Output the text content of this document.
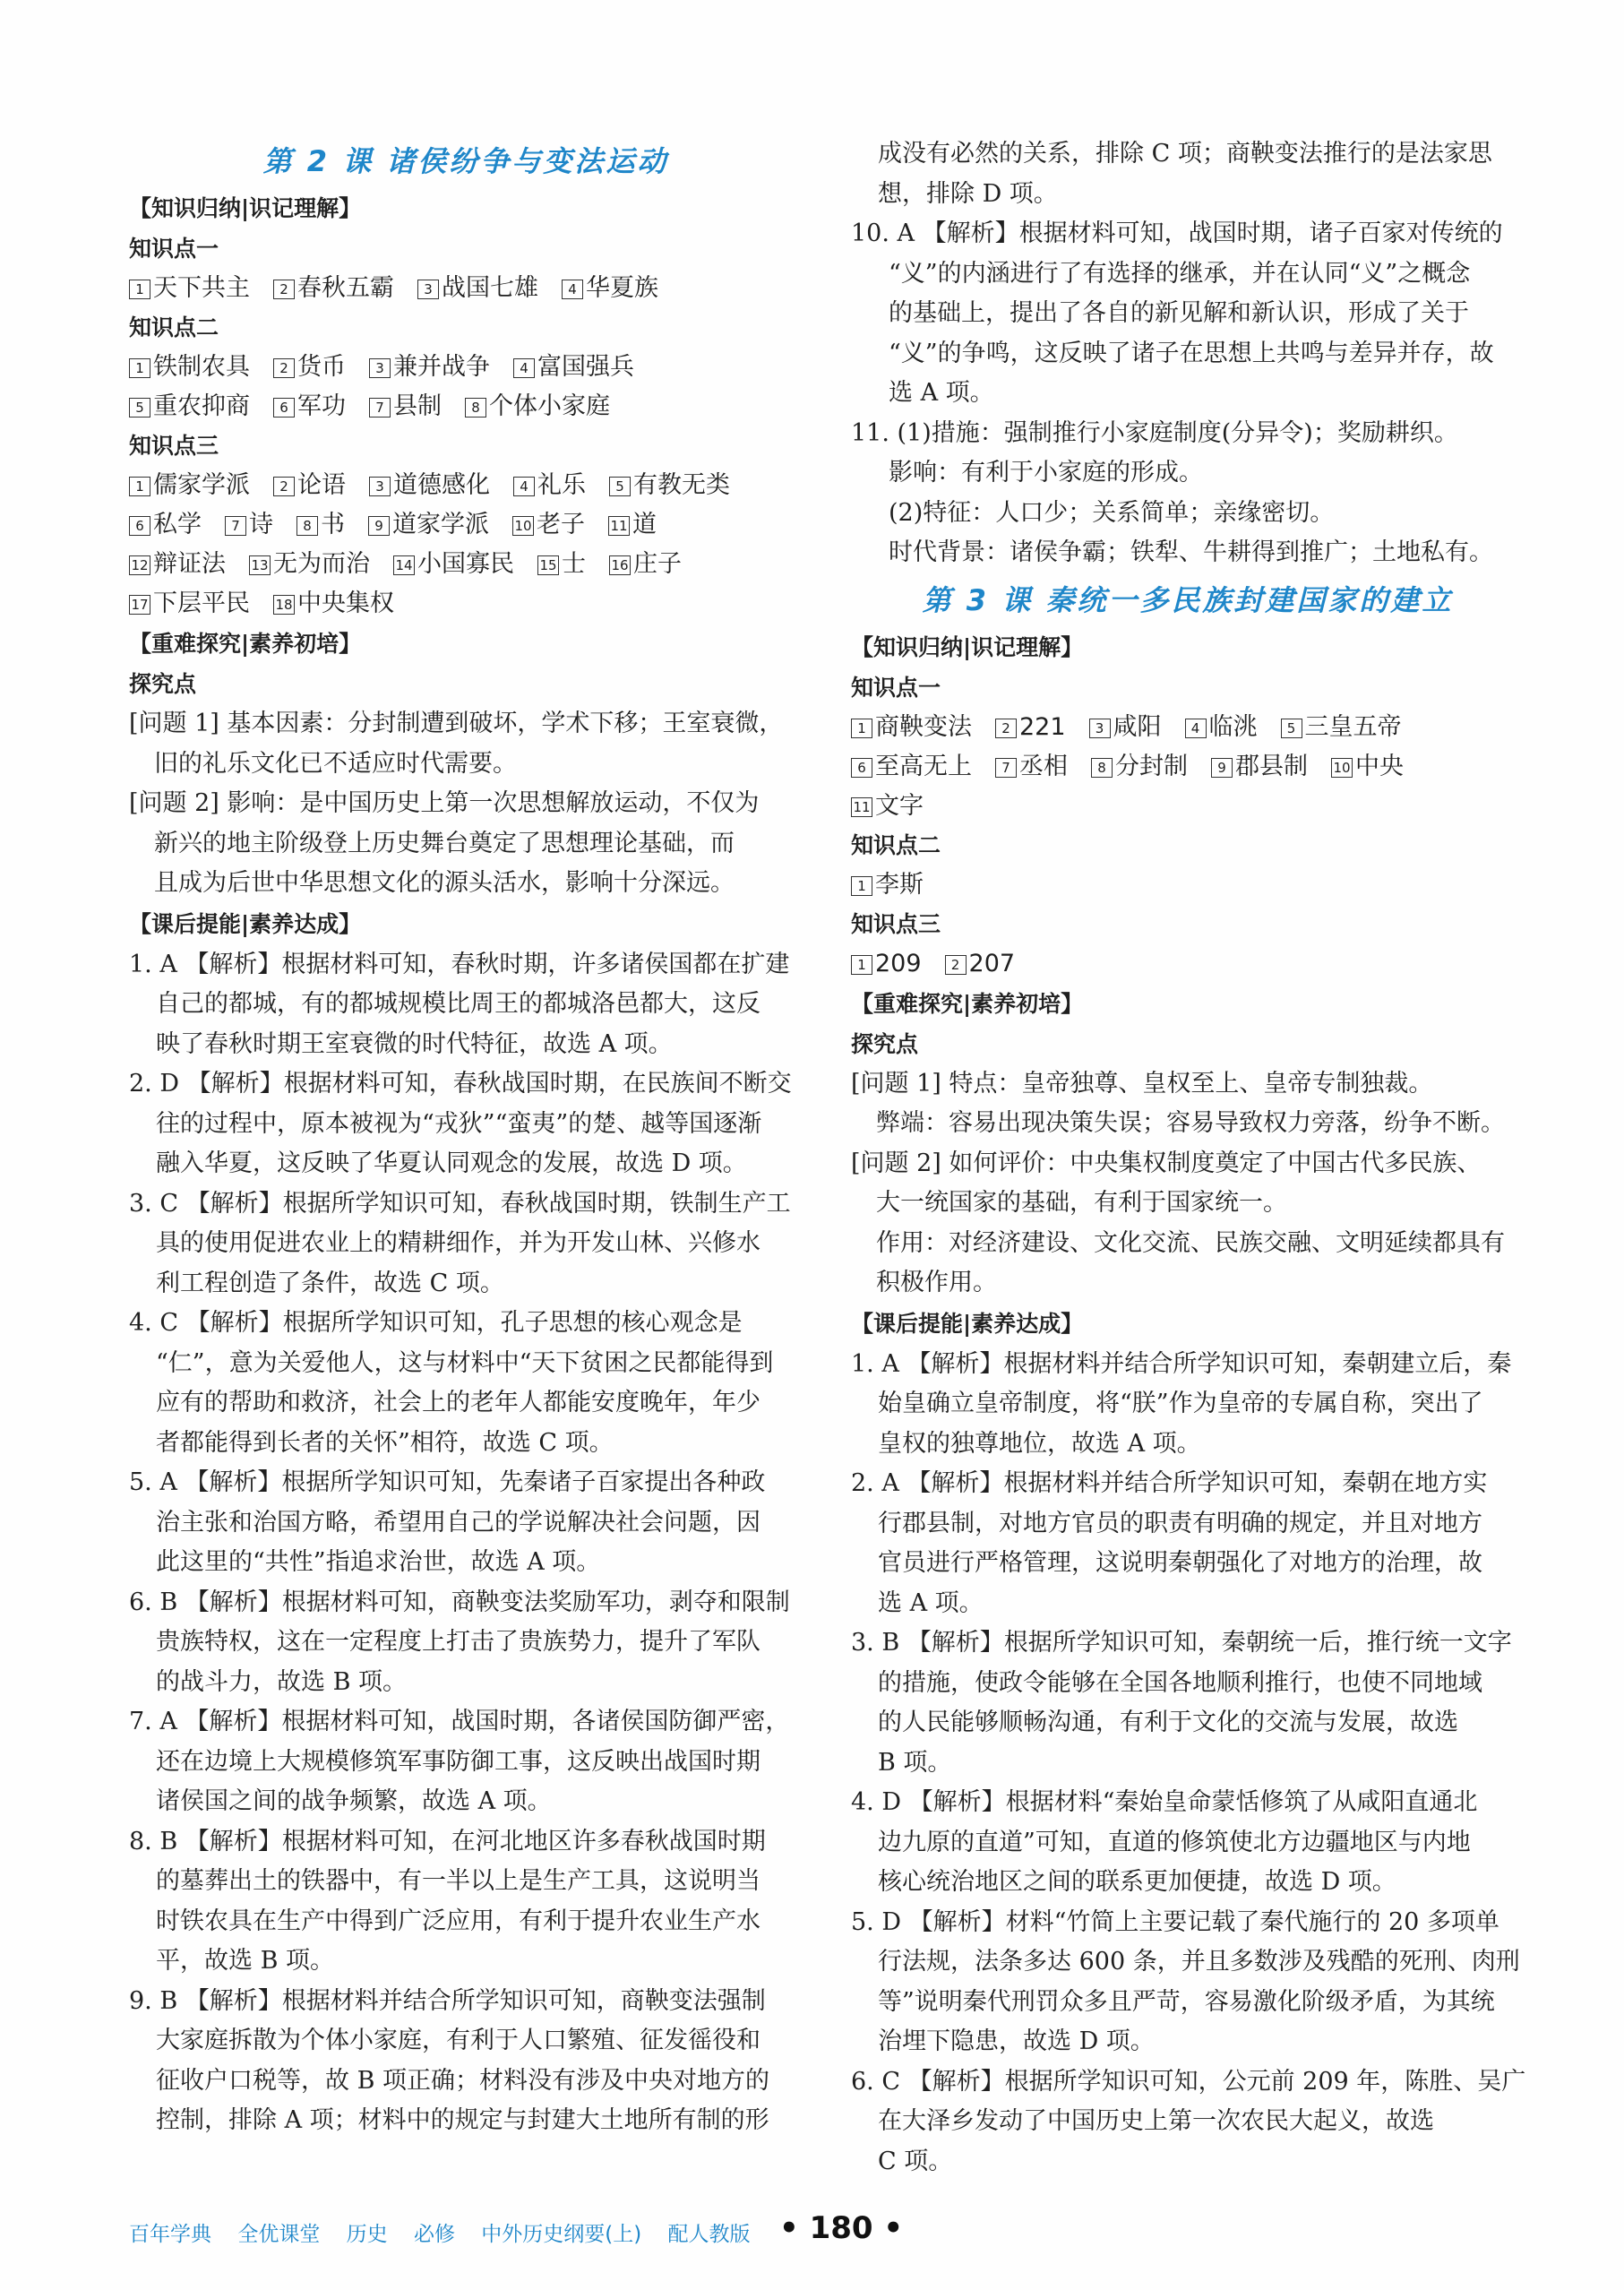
第 2 课 诸侯纷争与变法运动

【知识归纳|识记理解】

知识点一

1 天下共主 2 春秋五霸 3 战国七雄 4 华夏族

知识点二

1 铁制农具 2 货币 3 兼并战争 4 富国强兵
5 重农抑商 6 军功 7 县制 8 个体小家庭

知识点三

1 儒家学派 2 论语 3 道德感化 4 礼乐 5 有教无类
6 私学 7 诗 8 书 9 道家学派 10 老子 11 道
12 辩证法 13 无为而治 14 小国寡民 15 士 16 庄子
17 下层平民 18 中央集权

【重难探究|素养初培】

探究点

[问题 1] 基本因素：分封制遭到破坏，学术下移；王室衰微，

旧的礼乐文化已不适应时代需要。

[问题 2] 影响：是中国历史上第一次思想解放运动，不仅为

新兴的地主阶级登上历史舞台奠定了思想理论基础，而

且成为后世中华思想文化的源头活水，影响十分深远。

【课后提能|素养达成】

1. A 【解析】根据材料可知，春秋时期，许多诸侯国都在扩建

自己的都城，有的都城规模比周王的都城洛邑都大，这反

映了春秋时期王室衰微的时代特征，故选 A 项。

2. D 【解析】根据材料可知，春秋战国时期，在民族间不断交

往的过程中，原本被视为“戎狄”“蛮夷”的楚、越等国逐渐

融入华夏，这反映了华夏认同观念的发展，故选 D 项。

3. C 【解析】根据所学知识可知，春秋战国时期，铁制生产工

具的使用促进农业上的精耕细作，并为开发山林、兴修水

利工程创造了条件，故选 C 项。

4. C 【解析】根据所学知识可知，孔子思想的核心观念是

“仁”，意为关爱他人，这与材料中“天下贫困之民都能得到

应有的帮助和救济，社会上的老年人都能安度晚年，年少

者都能得到长者的关怀”相符，故选 C 项。

5. A 【解析】根据所学知识可知，先秦诸子百家提出各种政

治主张和治国方略，希望用自己的学说解决社会问题，因

此这里的“共性”指追求治世，故选 A 项。

6. B 【解析】根据材料可知，商鞅变法奖励军功，剥夺和限制

贵族特权，这在一定程度上打击了贵族势力，提升了军队

的战斗力，故选 B 项。

7. A 【解析】根据材料可知，战国时期，各诸侯国防御严密，

还在边境上大规模修筑军事防御工事，这反映出战国时期

诸侯国之间的战争频繁，故选 A 项。

8. B 【解析】根据材料可知，在河北地区许多春秋战国时期

的墓葬出土的铁器中，有一半以上是生产工具，这说明当

时铁农具在生产中得到广泛应用，有利于提升农业生产水

平，故选 B 项。

9. B 【解析】根据材料并结合所学知识可知，商鞅变法强制

大家庭拆散为个体小家庭，有利于人口繁殖、征发徭役和

征收户口税等，故 B 项正确；材料没有涉及中央对地方的

控制，排除 A 项；材料中的规定与封建大土地所有制的形

成没有必然的关系，排除 C 项；商鞅变法推行的是法家思

想，排除 D 项。

10. A 【解析】根据材料可知，战国时期，诸子百家对传统的

“义”的内涵进行了有选择的继承，并在认同“义”之概念

的基础上，提出了各自的新见解和新认识，形成了关于

“义”的争鸣，这反映了诸子在思想上共鸣与差异并存，故

选 A 项。

11. (1)措施：强制推行小家庭制度(分异令)；奖励耕织。

影响：有利于小家庭的形成。

(2)特征：人口少；关系简单；亲缘密切。

时代背景：诸侯争霸；铁犁、牛耕得到推广；土地私有。

第 3 课 秦统一多民族封建国家的建立

【知识归纳|识记理解】

知识点一

1 商鞅变法 2 221 3 咸阳 4 临洮 5 三皇五帝
6 至高无上 7 丞相 8 分封制 9 郡县制 10 中央
11 文字

知识点二

1 李斯

知识点三

1 209 2 207

【重难探究|素养初培】

探究点

[问题 1] 特点：皇帝独尊、皇权至上、皇帝专制独裁。

弊端：容易出现决策失误；容易导致权力旁落，纷争不断。

[问题 2] 如何评价：中央集权制度奠定了中国古代多民族、

大一统国家的基础，有利于国家统一。

作用：对经济建设、文化交流、民族交融、文明延续都具有

积极作用。

【课后提能|素养达成】

1. A 【解析】根据材料并结合所学知识可知，秦朝建立后，秦

始皇确立皇帝制度，将“朕”作为皇帝的专属自称，突出了

皇权的独尊地位，故选 A 项。

2. A 【解析】根据材料并结合所学知识可知，秦朝在地方实

行郡县制，对地方官员的职责有明确的规定，并且对地方

官员进行严格管理，这说明秦朝强化了对地方的治理，故

选 A 项。

3. B 【解析】根据所学知识可知，秦朝统一后，推行统一文字

的措施，使政令能够在全国各地顺利推行，也使不同地域

的人民能够顺畅沟通，有利于文化的交流与发展，故选

B 项。

4. D 【解析】根据材料“秦始皇命蒙恬修筑了从咸阳直通北

边九原的直道”可知，直道的修筑使北方边疆地区与内地

核心统治地区之间的联系更加便捷，故选 D 项。

5. D 【解析】材料“竹简上主要记载了秦代施行的 20 多项单

行法规，法条多达 600 条，并且多数涉及残酷的死刑、肉刑

等”说明秦代刑罚众多且严苛，容易激化阶级矛盾，为其统

治埋下隐患，故选 D 项。

6. C 【解析】根据所学知识可知，公元前 209 年，陈胜、吴广

在大泽乡发动了中国历史上第一次农民大起义，故选

C 项。

百年学典 全优课堂 历史 必修 中外历史纲要(上) 配人教版 • 180 •
